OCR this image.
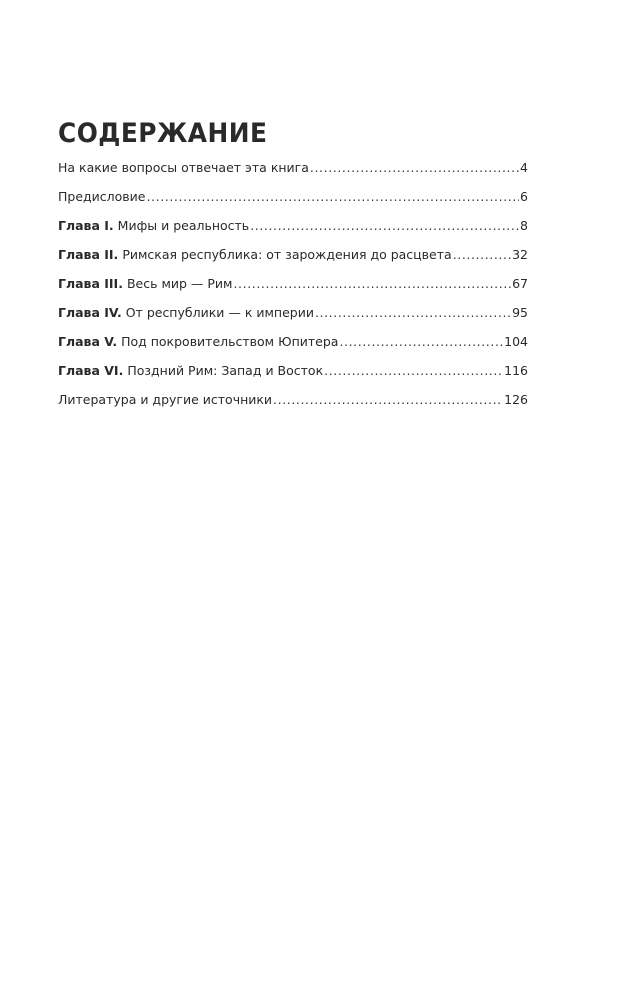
СОДЕРЖАНИЕ
На какие вопросы отвечает эта книга .....	4
Предисловие .....	6
Глава I. Мифы и реальность .....	8
Глава II. Римская республика: от зарождения до расцвета .....	32
Глава III. Весь мир — Рим .....	67
Глава IV. От республики — к империи .....	95
Глава V. Под покровительством Юпитера .....	104
Глава VI. Поздний Рим: Запад и Восток .....	116
Литература и другие источники .....	126
